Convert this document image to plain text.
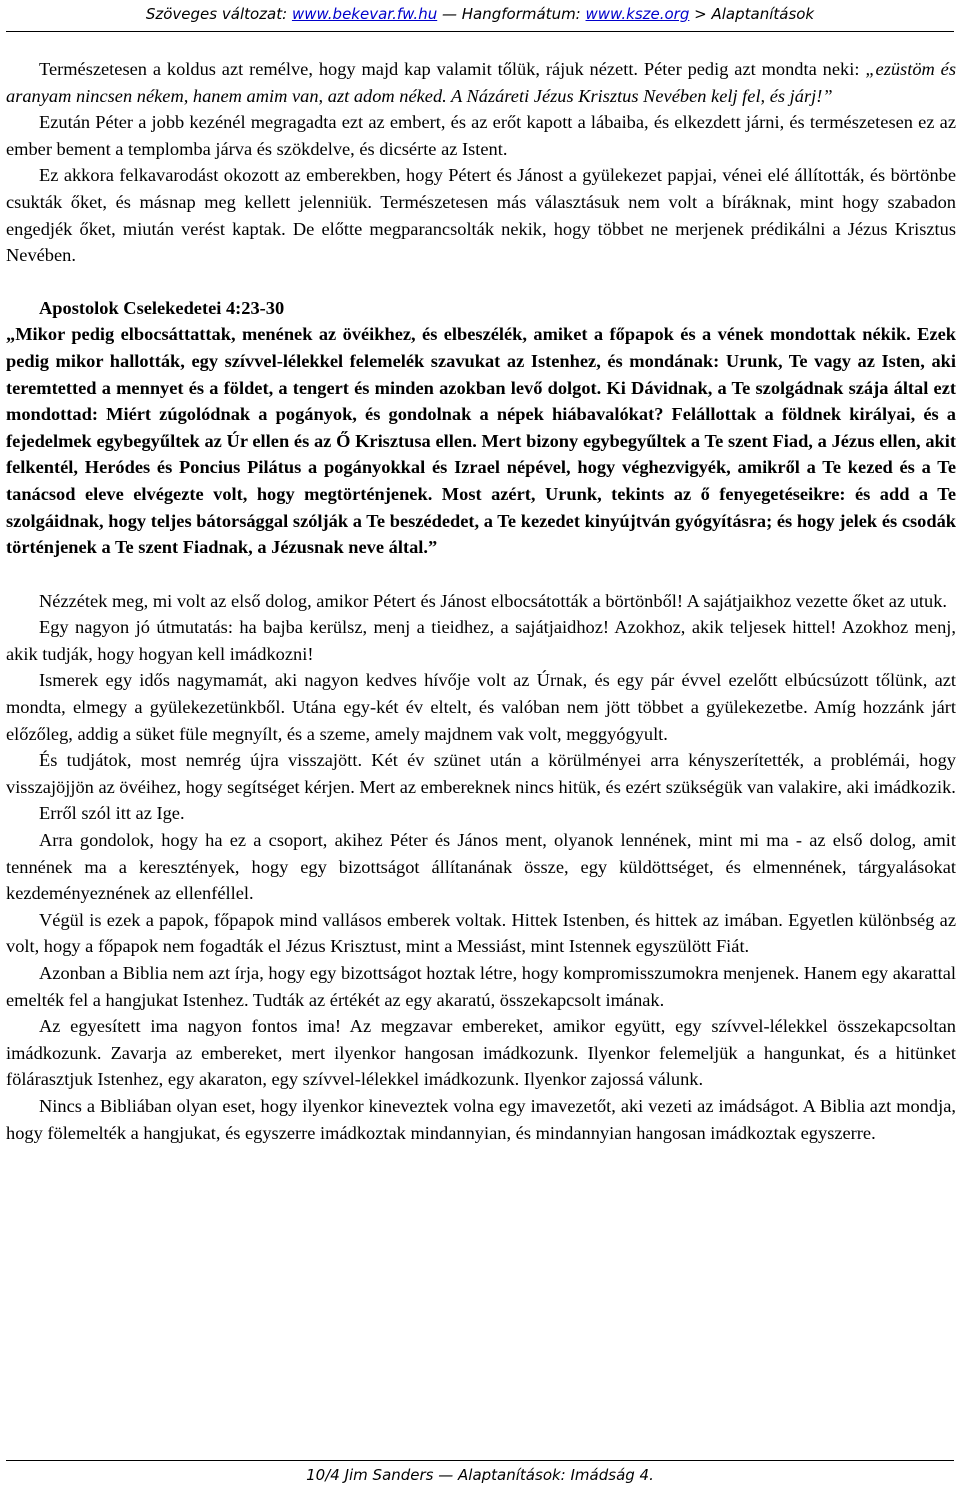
Szöveges változat: www.bekevar.fw.hu — Hangformátum: www.ksze.org > Alaptanítások

Természetesen a koldus azt remélve, hogy majd kap valamit tőlük, rájuk nézett. Péter pedig azt mondta neki: „ezüstöm és aranyam nincsen nékem, hanem amim van, azt adom néked. A Názáreti Jézus Krisztus Nevében kelj fel, és járj!”

Ezután Péter a jobb kezénél megragadta ezt az embert, és az erőt kapott a lábaiba, és elkezdett járni, és természetesen ez az ember bement a templomba járva és szökdelve, és dicsérte az Istent.

Ez akkora felkavarodást okozott az emberekben, hogy Pétert és Jánost a gyülekezet papjai, vénei elé állították, és börtönbe csukták őket, és másnap meg kellett jelenniük. Természetesen más választásuk nem volt a bíráknak, mint hogy szabadon engedjék őket, miután verést kaptak. De előtte megparancsolták nekik, hogy többet ne merjenek prédikálni a Jézus Krisztus Nevében.

Apostolok Cselekedetei 4:23-30

„Mikor pedig elbocsáttattak, menének az övéikhez, és elbeszélék, amiket a főpapok és a vének mondottak nékik. Ezek pedig mikor hallották, egy szívvel-lélekkel felemelék szavukat az Istenhez, és mondának: Urunk, Te vagy az Isten, aki teremtetted a mennyet és a földet, a tengert és minden azokban levő dolgot. Ki Dávidnak, a Te szolgádnak szája által ezt mondottad: Miért zúgolódnak a pogányok, és gondolnak a népek hiábavalókat? Felállottak a földnek királyai, és a fejedelmek egybegyűltek az Úr ellen és az Ő Krisztusa ellen. Mert bizony egybegyűltek a Te szent Fiad, a Jézus ellen, akit felkentél, Heródes és Poncius Pilátus a pogányokkal és Izrael népével, hogy véghezvigyék, amikről a Te kezed és a Te tanácsod eleve elvégezte volt, hogy megtörténjenek. Most azért, Urunk, tekints az ő fenyegetéseikre: és add a Te szolgáidnak, hogy teljes bátorsággal szólják a Te beszédedet, a Te kezedet kinyújtván gyógyításra; és hogy jelek és csodák történjenek a Te szent Fiadnak, a Jézusnak neve által.”

Nézzétek meg, mi volt az első dolog, amikor Pétert és Jánost elbocsátották a börtönből! A sajátjaikhoz vezette őket az utuk.

Egy nagyon jó útmutatás: ha bajba kerülsz, menj a tieidhez, a sajátjaidhoz! Azokhoz, akik teljesek hittel! Azokhoz menj, akik tudják, hogy hogyan kell imádkozni!

Ismerek egy idős nagymamát, aki nagyon kedves hívője volt az Úrnak, és egy pár évvel ezelőtt elbúcsúzott tőlünk, azt mondta, elmegy a gyülekezetünkből. Utána egy-két év eltelt, és valóban nem jött többet a gyülekezetbe. Amíg hozzánk járt előzőleg, addig a süket füle megnyílt, és a szeme, amely majdnem vak volt, meggyógyult.

És tudjátok, most nemrég újra visszajött. Két év szünet után a körülményei arra kényszerítették, a problémái, hogy visszajöjjön az övéihez, hogy segítséget kérjen. Mert az embereknek nincs hitük, és ezért szükségük van valakire, aki imádkozik.

Erről szól itt az Ige.

Arra gondolok, hogy ha ez a csoport, akihez Péter és János ment, olyanok lennének, mint mi ma - az első dolog, amit tennének ma a keresztények, hogy egy bizottságot állítanának össze, egy küldöttséget, és elmennének, tárgyalásokat kezdeményeznének az ellenféllel.

Végül is ezek a papok, főpapok mind vallásos emberek voltak. Hittek Istenben, és hittek az imában. Egyetlen különbség az volt, hogy a főpapok nem fogadták el Jézus Krisztust, mint a Messiást, mint Istennek egyszülött Fiát.

Azonban a Biblia nem azt írja, hogy egy bizottságot hoztak létre, hogy kompromisszumokra menjenek. Hanem egy akarattal emelték fel a hangjukat Istenhez. Tudták az értékét az egy akaratú, összekapcsolt imának.

Az egyesített ima nagyon fontos ima! Az megzavar embereket, amikor együtt, egy szívvel-lélekkel összekapcsoltan imádkozunk. Zavarja az embereket, mert ilyenkor hangosan imádkozunk. Ilyenkor felemeljük a hangunkat, és a hitünket fölárasztjuk Istenhez, egy akaraton, egy szívvel-lélekkel imádkozunk. Ilyenkor zajossá válunk.

Nincs a Bibliában olyan eset, hogy ilyenkor kineveztek volna egy imavezetőt, aki vezeti az imádságot. A Biblia azt mondja, hogy fölemelték a hangjukat, és egyszerre imádkoztak mindannyian, és mindannyian hangosan imádkoztak egyszerre.

10/4 Jim Sanders — Alaptanítások: Imádság 4.
